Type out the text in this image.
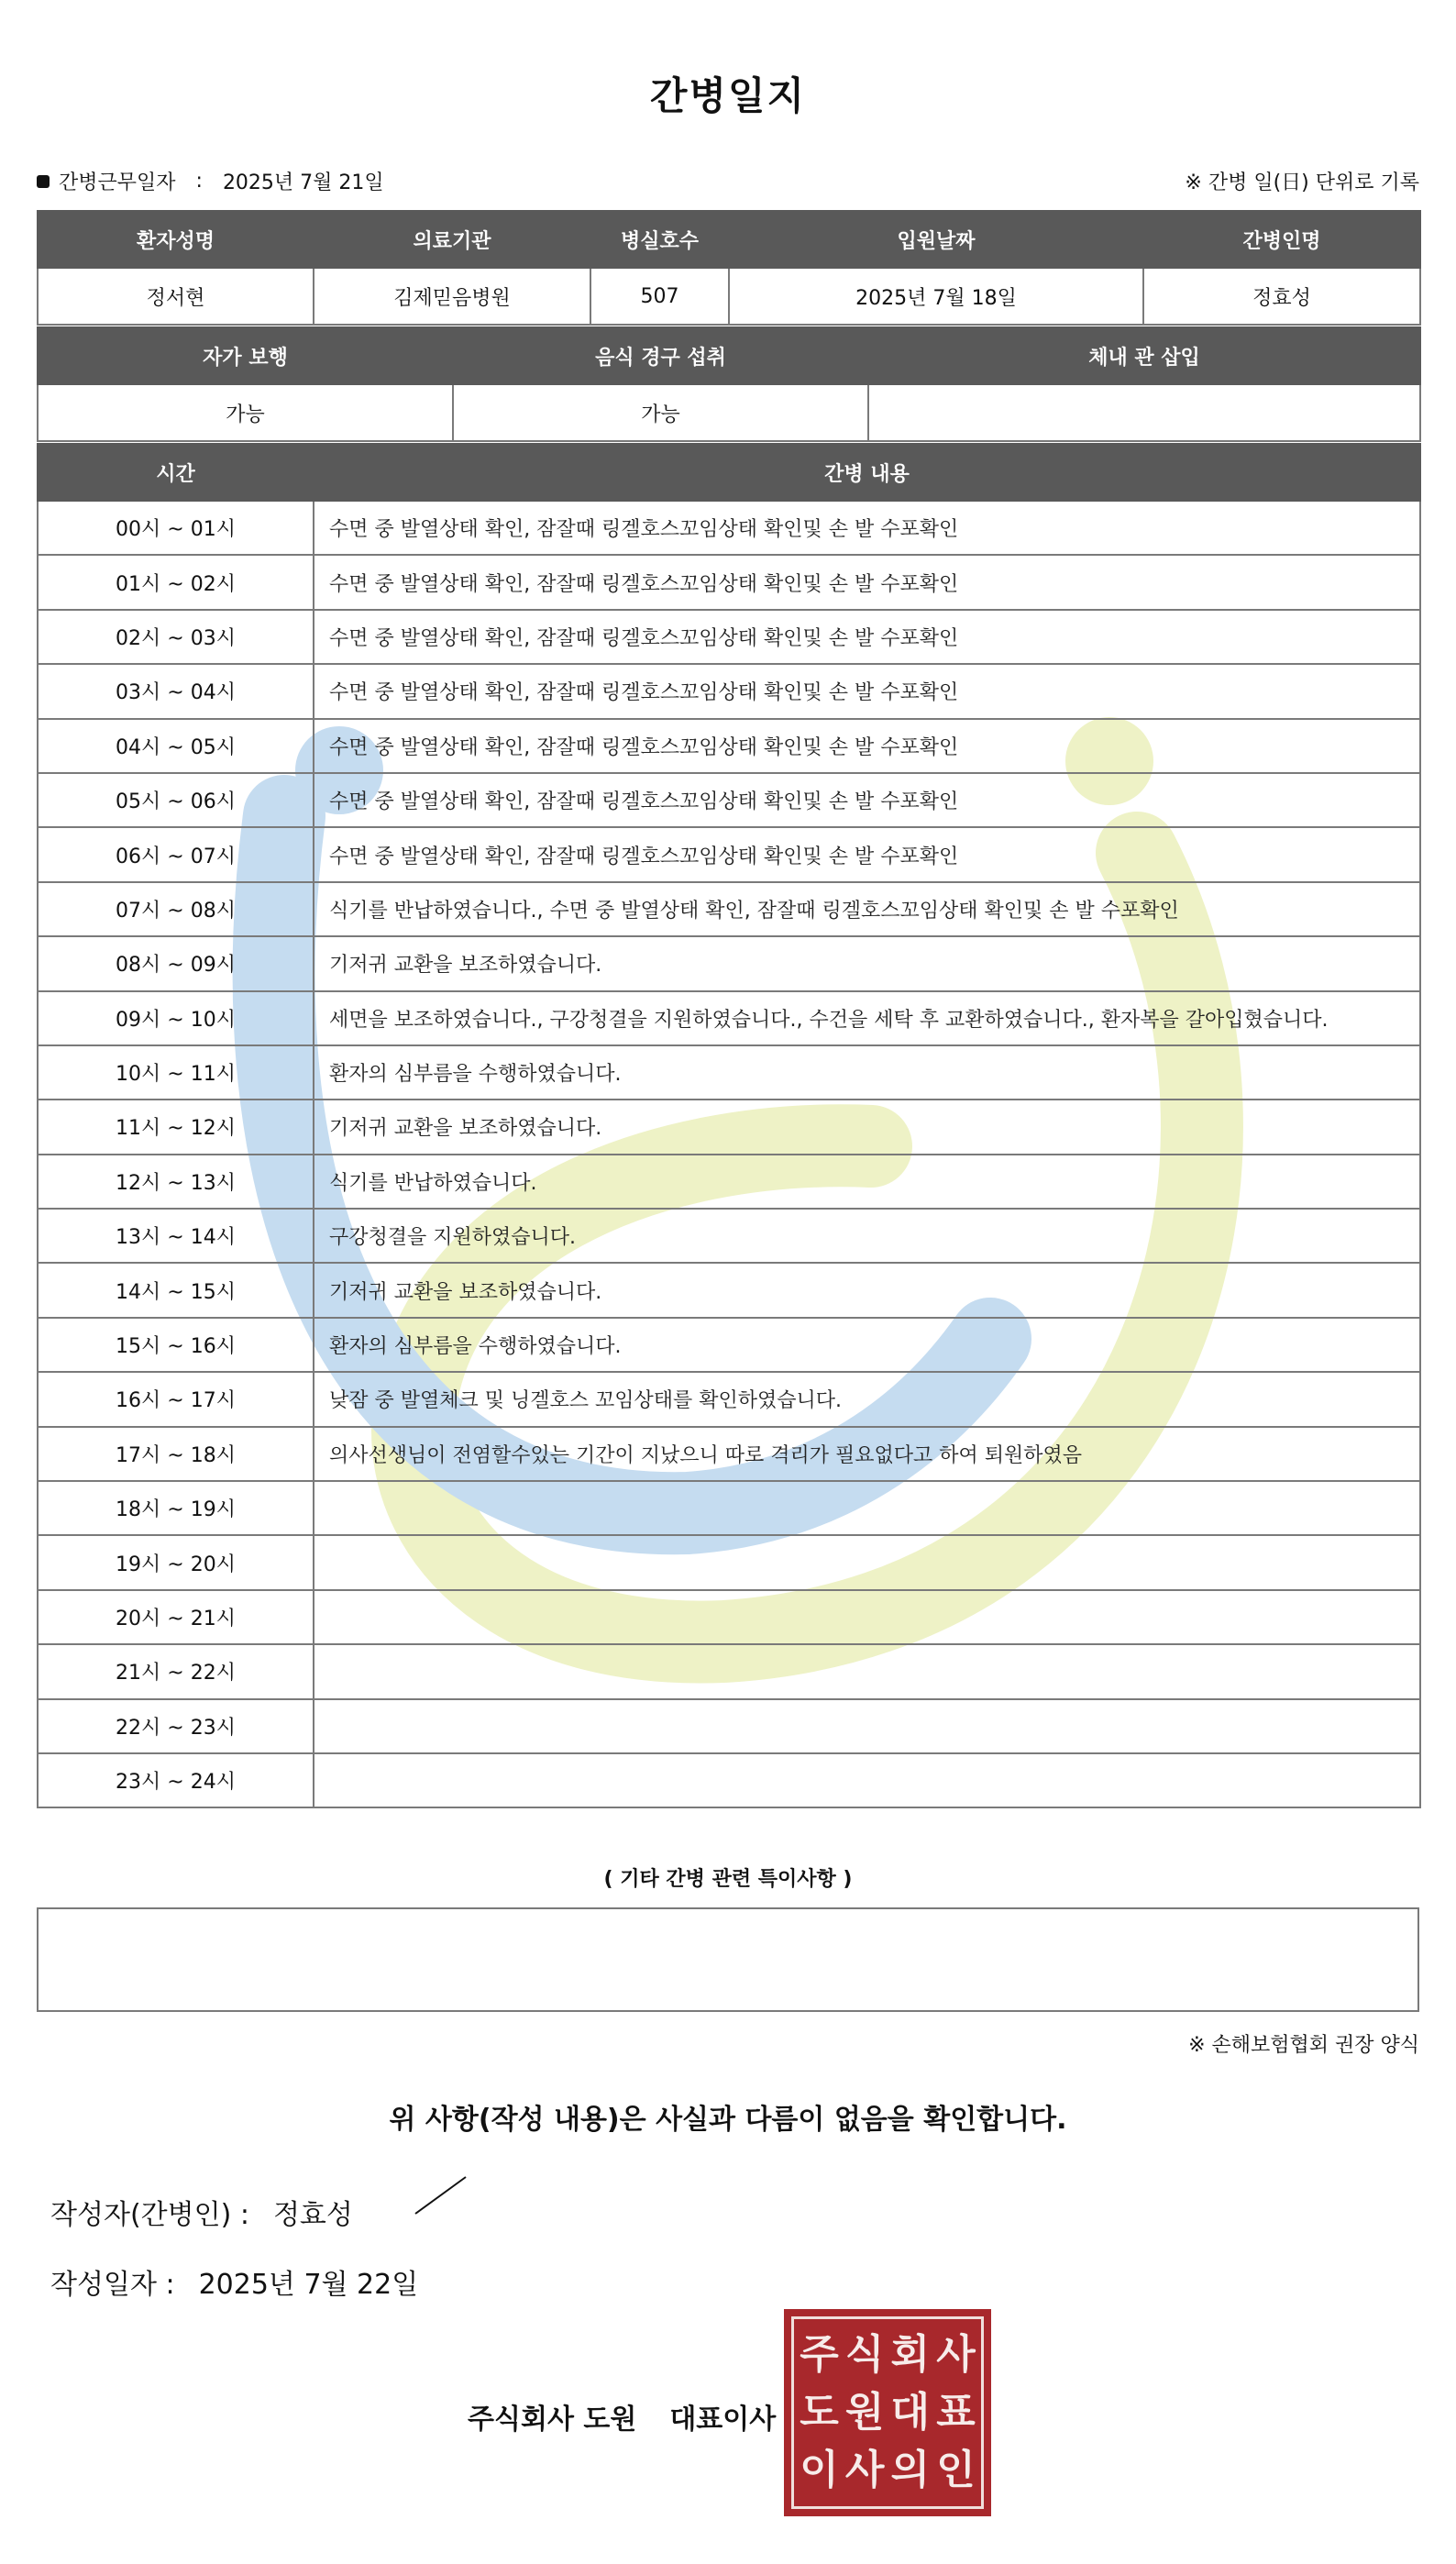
간병일지
간병근무일자 : 2025년 7월 21일	※ 간병 일(日) 단위로 기록
환자성명	의료기관	병실호수	입원날짜	간병인명
정서현	김제믿음병원	507	2025년 7월 18일	정효성
자가 보행	음식 경구 섭취	체내 관 삽입
가능	가능	
시간	간병 내용
00시 ~ 01시	수면 중 발열상태 확인, 잠잘때 링겔호스꼬임상태 확인및 손 발 수포확인
01시 ~ 02시	수면 중 발열상태 확인, 잠잘때 링겔호스꼬임상태 확인및 손 발 수포확인
02시 ~ 03시	수면 중 발열상태 확인, 잠잘때 링겔호스꼬임상태 확인및 손 발 수포확인
03시 ~ 04시	수면 중 발열상태 확인, 잠잘때 링겔호스꼬임상태 확인및 손 발 수포확인
04시 ~ 05시	수면 중 발열상태 확인, 잠잘때 링겔호스꼬임상태 확인및 손 발 수포확인
05시 ~ 06시	수면 중 발열상태 확인, 잠잘때 링겔호스꼬임상태 확인및 손 발 수포확인
06시 ~ 07시	수면 중 발열상태 확인, 잠잘때 링겔호스꼬임상태 확인및 손 발 수포확인
07시 ~ 08시	식기를 반납하였습니다., 수면 중 발열상태 확인, 잠잘때 링겔호스꼬임상태 확인및 손 발 수포확인
08시 ~ 09시	기저귀 교환을 보조하였습니다.
09시 ~ 10시	세면을 보조하였습니다., 구강청결을 지원하였습니다., 수건을 세탁 후 교환하였습니다., 환자복을 갈아입혔습니다.
10시 ~ 11시	환자의 심부름을 수행하였습니다.
11시 ~ 12시	기저귀 교환을 보조하였습니다.
12시 ~ 13시	식기를 반납하였습니다.
13시 ~ 14시	구강청결을 지원하였습니다.
14시 ~ 15시	기저귀 교환을 보조하였습니다.
15시 ~ 16시	환자의 심부름을 수행하였습니다.
16시 ~ 17시	낮잠 중 발열체크 및 닝겔호스 꼬임상태를 확인하였습니다.
17시 ~ 18시	의사선생님이 전염할수있는 기간이 지났으니 따로 격리가 필요없다고 하여 퇴원하였음
18시 ~ 19시	
19시 ~ 20시	
20시 ~ 21시	
21시 ~ 22시	
22시 ~ 23시	
23시 ~ 24시	
( 기타 간병 관련 특이사항 )
※ 손해보험협회 권장 양식
위 사항(작성 내용)은 사실과 다름이 없음을 확인합니다.
작성자(간병인) : 정효성
작성일자 : 2025년 7월 22일
주식회사 도원 대표이사
주 식 회 사
도 원 대 표
이 사 의 인
